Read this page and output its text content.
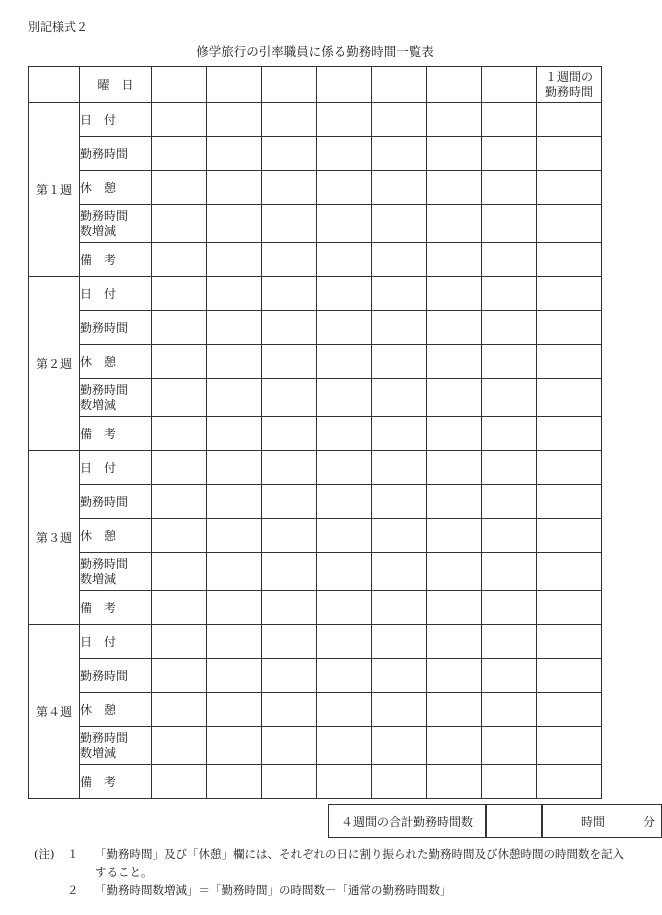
別記様式２
修学旅行の引率職員に係る勤務時間一覧表
	曜　日								１週間の
勤務時間

第１週	日　付								
	勤務時間								
	休　憩								

	勤務時間
数増減								

	備　考								
第２週	日　付								
	勤務時間								
	休　憩								

	勤務時間
数増減								

	備　考								
第３週	日　付								
	勤務時間								
	休　憩								

	勤務時間
数増減								

	備　考								
第４週	日　付								
	勤務時間								
	休　憩								

	勤務時間
数増減								

	備　考								
４週間の合計勤務時間数	時間	分
(注)	１	「勤務時間」及び「休憩」欄には、それぞれの日に割り振られた勤務時間及び休憩時間の時間数を記入すること。
２	「勤務時間数増減」＝「勤務時間」の時間数－「通常の勤務時間数」
